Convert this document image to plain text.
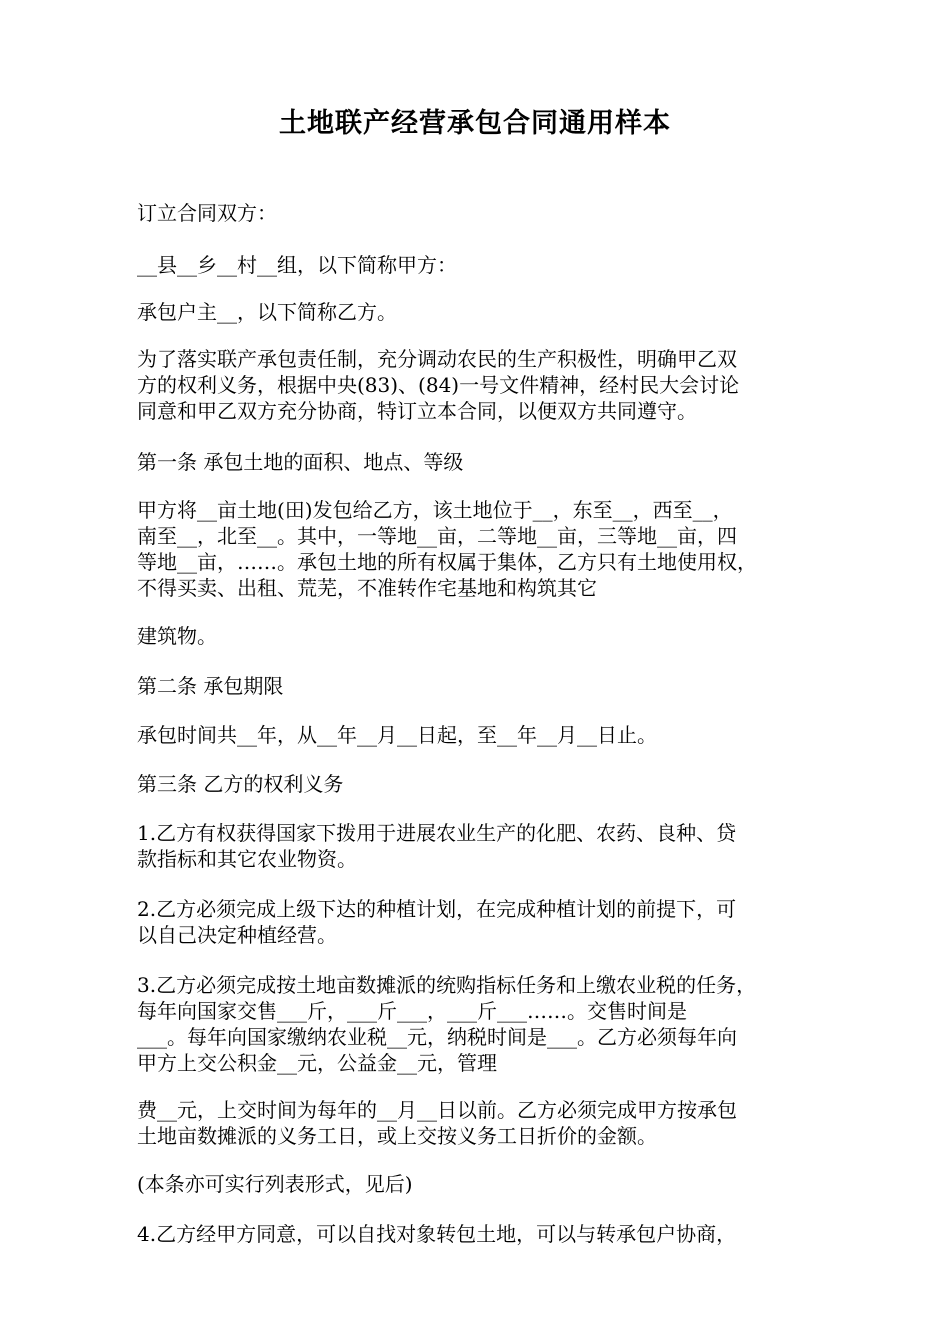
土地联产经营承包合同通用样本

订立合同双方：

__县__乡__村__组，以下简称甲方：

承包户主__，以下简称乙方。

为了落实联产承包责任制，充分调动农民的生产积极性，明确甲乙双
方的权利义务，根据中央(83)、(84)一号文件精神，经村民大会讨论
同意和甲乙双方充分协商，特订立本合同，以便双方共同遵守。

第一条 承包土地的面积、地点、等级

甲方将__亩土地(田)发包给乙方，该土地位于__，东至__，西至__，
南至__，北至__。其中，一等地__亩，二等地__亩，三等地__亩，四
等地__亩，……。承包土地的所有权属于集体，乙方只有土地使用权，
不得买卖、出租、荒芜，不准转作宅基地和构筑其它

建筑物。

第二条 承包期限

承包时间共__年，从__年__月__日起，至__年__月__日止。

第三条 乙方的权利义务

1.乙方有权获得国家下拨用于进展农业生产的化肥、农药、良种、贷
款指标和其它农业物资。

2.乙方必须完成上级下达的种植计划，在完成种植计划的前提下，可
以自己决定种植经营。

3.乙方必须完成按土地亩数摊派的统购指标任务和上缴农业税的任务，
每年向国家交售___斤，___斤___，___斤___……。交售时间是
___。每年向国家缴纳农业税__元，纳税时间是___。乙方必须每年向
甲方上交公积金__元，公益金__元，管理

费__元，上交时间为每年的__月__日以前。乙方必须完成甲方按承包
土地亩数摊派的义务工日，或上交按义务工日折价的金额。

(本条亦可实行列表形式，见后)

4.乙方经甲方同意，可以自找对象转包土地，可以与转承包户协商，
